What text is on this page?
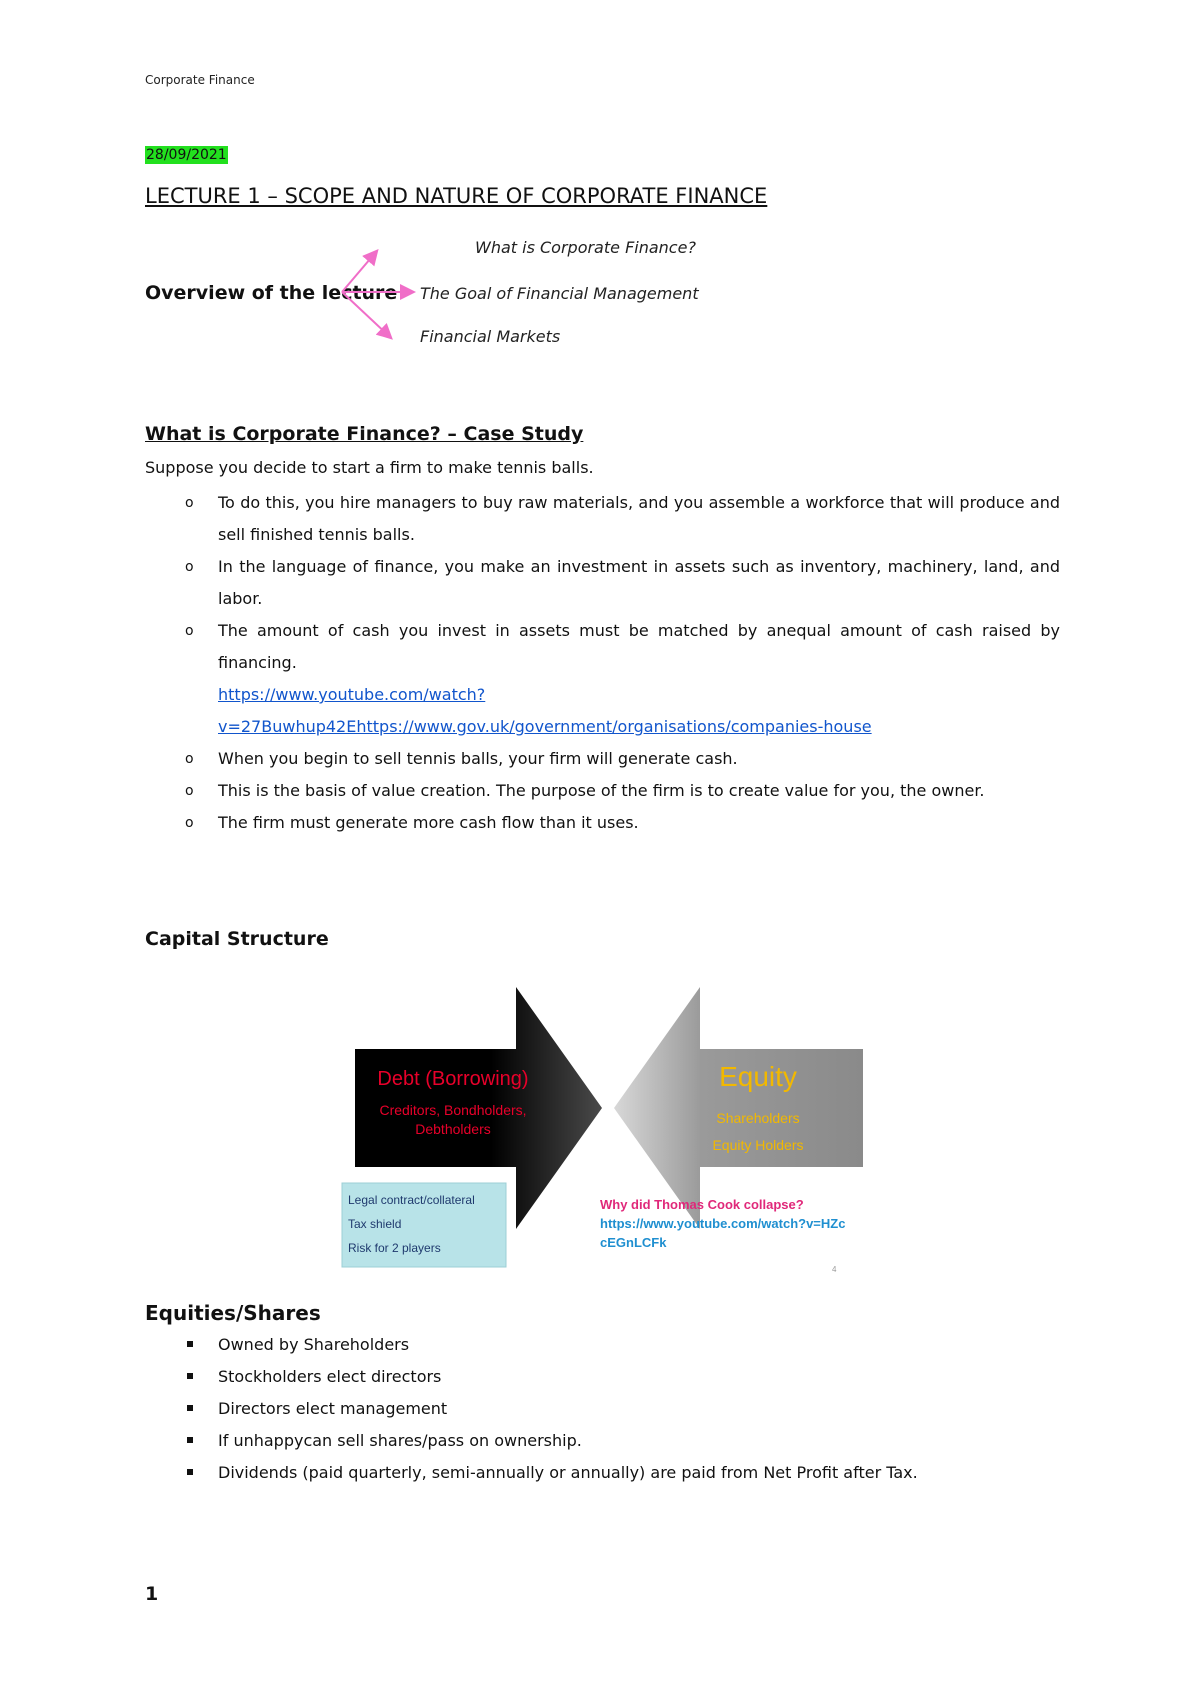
Corporate Finance
28/09/2021
LECTURE 1 – SCOPE AND NATURE OF CORPORATE FINANCE
Overview of the lecture
What is Corporate Finance?
The Goal of Financial Management
Financial Markets
What is Corporate Finance? – Case Study
Suppose you decide to start a firm to make tennis balls.
o To do this, you hire managers to buy raw materials, and you assemble a workforce that will produce and sell finished tennis balls.
o In the language of finance, you make an investment in assets such as inventory, machinery, land, and labor.
o The amount of cash you invest in assets must be matched by anequal amount of cash raised by financing.
https://www.youtube.com/watch?
v=27Buwhup42Ehttps://www.gov.uk/government/organisations/companies-house
o When you begin to sell tennis balls, your firm will generate cash.
o This is the basis of value creation. The purpose of the firm is to create value for you, the owner.
o The firm must generate more cash flow than it uses.
Capital Structure
Debt (Borrowing)
Creditors, Bondholders,
Debtholders
Equity
Shareholders
Equity Holders
Legal contract/collateral
Tax shield
Risk for 2 players
Why did Thomas Cook collapse?
https://www.youtube.com/watch?v=HZc
cEGnLCFk
4
Equities/Shares
Owned by Shareholders
Stockholders elect directors
Directors elect management
If unhappycan sell shares/pass on ownership.
Dividends (paid quarterly, semi-annually or annually) are paid from Net Profit after Tax.
1
